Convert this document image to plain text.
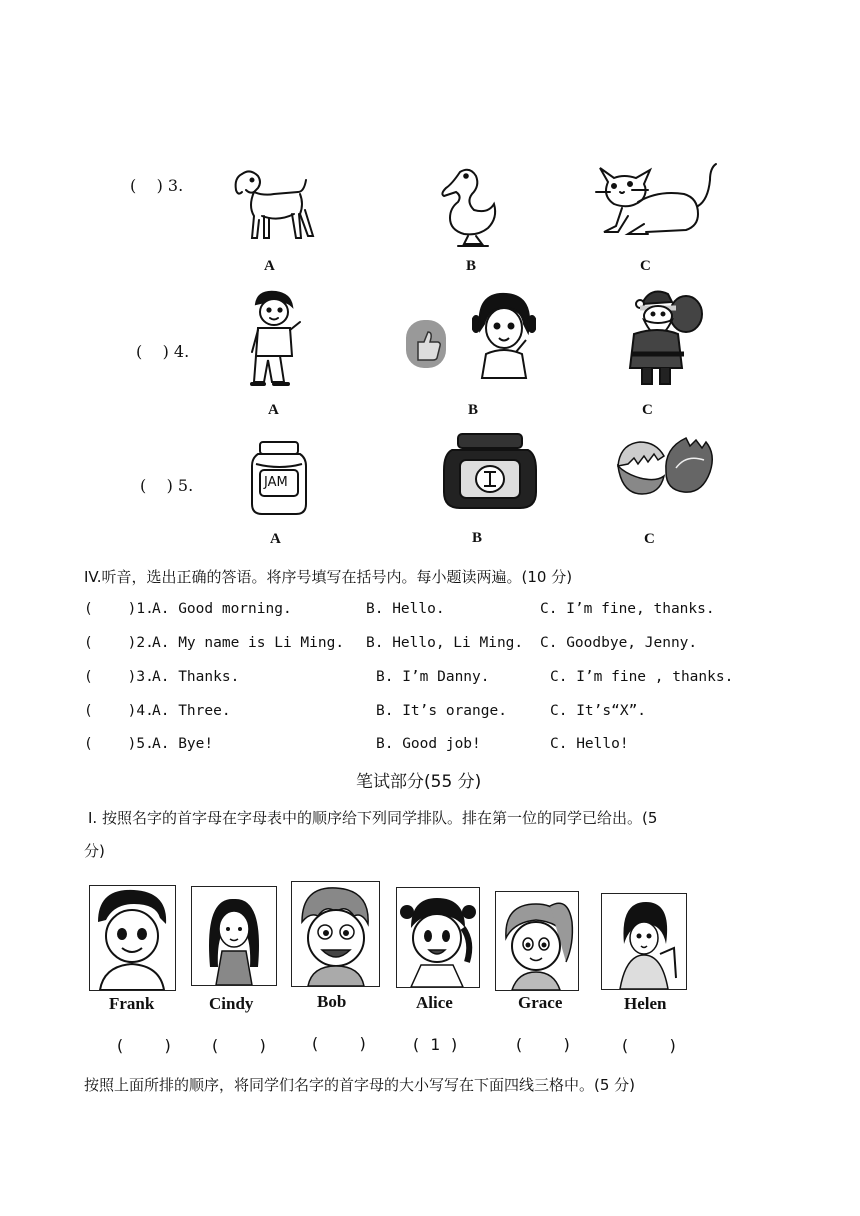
(    ) 3.
A	B	C
(    ) 4.
A	B	C
(    ) 5.	JAM
A	B	C
IV.听音，选出正确的答语。将序号填写在括号内。每小题读两遍。(10 分)
(    )1.
A. Good morning.	B. Hello.	C. I’m fine, thanks.
(    )2.
A. My name is Li Ming. B. Hello, Li Ming. C. Goodbye, Jenny.
(    )3.
A. Thanks.	B. I’m Danny.	C. I’m fine , thanks.
(    )4.
A. Three.	B. It’s orange.	C. It’s“X”.
(    )5.
A. Bye!	B. Good job!	C. Hello!
笔试部分(55 分)
I. 按照名字的首字母在字母表中的顺序给下列同学排队。排在第一位的同学已给出。(5
分)
Frank	Cindy	Bob	Alice	Grace	Helen
(    ) (    )	(    )	( 1 )	(    )	(    )
按照上面所排的顺序，将同学们名字的首字母的大小写写在下面四线三格中。(5 分)
